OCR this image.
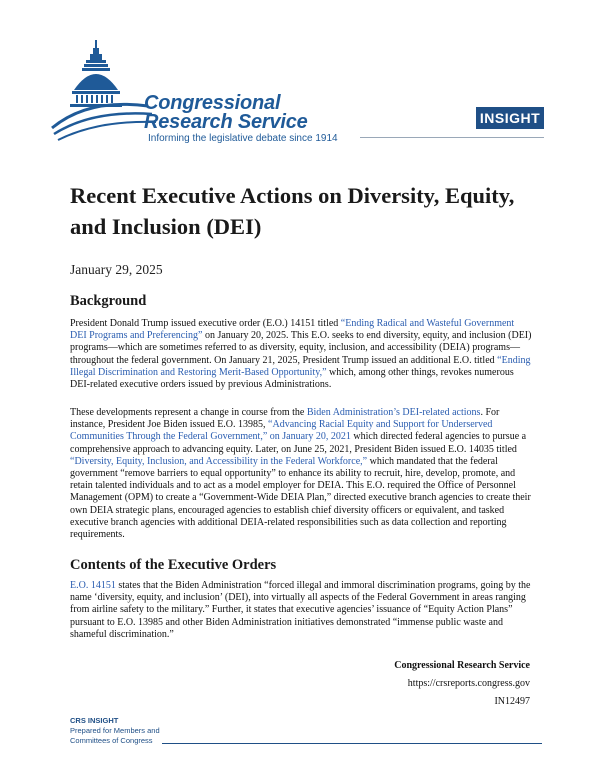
Congressional
Research Service
Informing the legislative debate since 1914
INSIGHT
Recent Executive Actions on Diversity, Equity, and Inclusion (DEI)
January 29, 2025
Background

President Donald Trump issued executive order (E.O.) 14151 titled “Ending Radical and Wasteful Government DEI Programs and Preferencing” on January 20, 2025. This E.O. seeks to end diversity, equity, and inclusion (DEI) programs—which are sometimes referred to as diversity, equity, inclusion, and accessibility (DEIA) programs—throughout the federal government. On January 21, 2025, President Trump issued an additional E.O. titled “Ending Illegal Discrimination and Restoring Merit-Based Opportunity,” which, among other things, revokes numerous DEI-related executive orders issued by previous Administrations.

These developments represent a change in course from the Biden Administration’s DEI-related actions. For instance, President Joe Biden issued E.O. 13985, “Advancing Racial Equity and Support for Underserved Communities Through the Federal Government,” on January 20, 2021 which directed federal agencies to pursue a comprehensive approach to advancing equity. Later, on June 25, 2021, President Biden issued E.O. 14035 titled “Diversity, Equity, Inclusion, and Accessibility in the Federal Workforce,” which mandated that the federal government “remove barriers to equal opportunity” to enhance its ability to recruit, hire, develop, promote, and retain talented individuals and to act as a model employer for DEIA. This E.O. required the Office of Personnel Management (OPM) to create a “Government-Wide DEIA Plan,” directed executive branch agencies to create their own DEIA strategic plans, encouraged agencies to establish chief diversity officers or equivalent, and tasked executive branch agencies with additional DEIA-related responsibilities such as data collection and reporting requirements.

Contents of the Executive Orders

E.O. 14151 states that the Biden Administration “forced illegal and immoral discrimination programs, going by the name ‘diversity, equity, and inclusion’ (DEI), into virtually all aspects of the Federal Government in areas ranging from airline safety to the military.” Further, it states that executive agencies’ issuance of “Equity Action Plans” pursuant to E.O. 13985 and other Biden Administration initiatives demonstrated “immense public waste and shameful discrimination.”

Congressional Research Service
https://crsreports.congress.gov
IN12497
CRS INSIGHT
Prepared for Members and Committees of Congress
